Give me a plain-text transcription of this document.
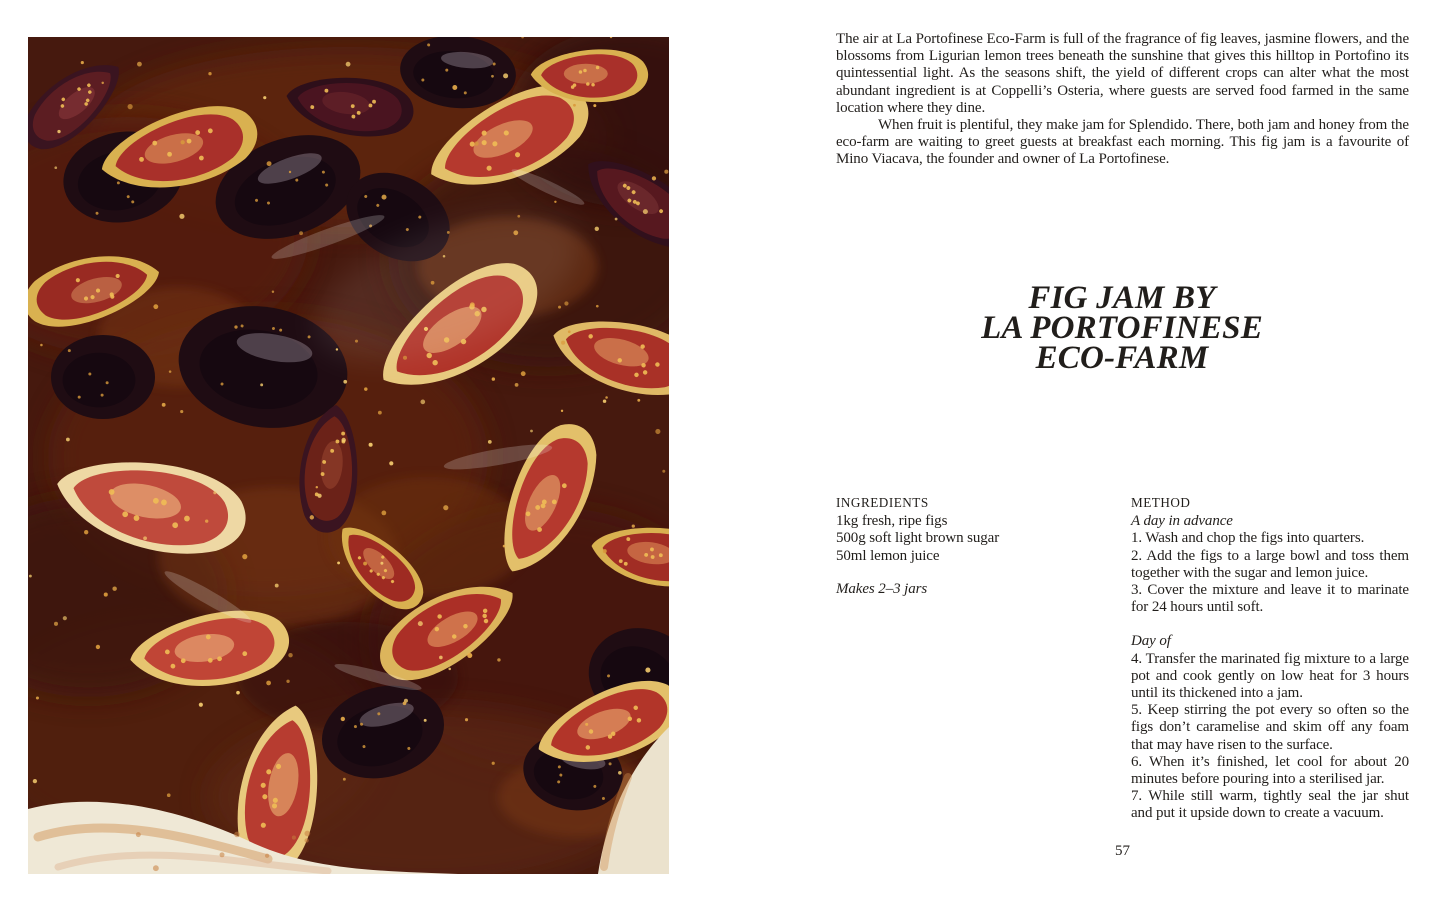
The air at La Portofinese Eco-Farm is full of the fragrance of fig leaves, jasmine flowers, and the blossoms from Ligurian lemon trees beneath the sunshine that gives this hilltop in Portofino its quintessential light. As the seasons shift, the yield of different crops can alter what the most abundant ingredient is at Coppelli’s Osteria, where guests are served food farmed in the same location where they dine.

When fruit is plentiful, they make jam for Splendido. There, both jam and honey from the eco-farm are waiting to greet guests at breakfast each morning. This fig jam is a favourite of Mino Viacava, the founder and owner of La Portofinese.

FIG JAM BY
LA PORTOFINESE
ECO-FARM
INGREDIENTS

1kg fresh, ripe figs

500g soft light brown sugar

50ml lemon juice

Makes 2–3 jars

METHOD

A day in advance

1. Wash and chop the figs into quarters.

2. Add the figs to a large bowl and toss them together with the sugar and lemon juice.

3. Cover the mixture and leave it to marinate for 24 hours until soft.

Day of

4. Transfer the marinated fig mixture to a large pot and cook gently on low heat for 3 hours until its thickened into a jam.

5. Keep stirring the pot every so often so the figs don’t caramelise and skim off any foam that may have risen to the surface.

6. When it’s finished, let cool for about 20 minutes before pouring into a sterilised jar.

7. While still warm, tightly seal the jar shut and put it upside down to create a vacuum.

57
